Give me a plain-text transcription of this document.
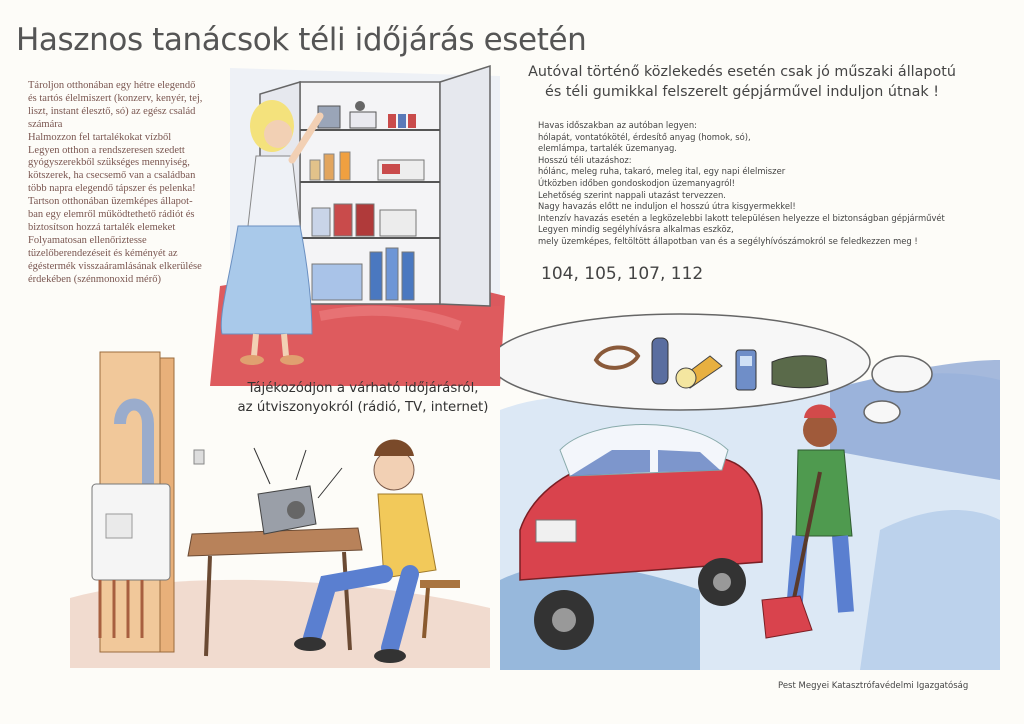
Hasznos tanácsok téli időjárás esetén
Tároljon otthonában egy hétre elegendő
és tartós élelmiszert (konzerv, kenyér, tej,
liszt, instant élesztő, só) az egész család
számára
Halmozzon fel tartalékokat vízből
Legyen otthon a rendszeresen szedett
gyógyszerekből szükséges mennyiség,
kötszerek, ha csecsemő van a családban
több napra elegendő tápszer és pelenka!
Tartson otthonában üzemképes állapot-
ban egy elemről működtethető rádiót és
biztosítson hozzá tartalék elemeket
Folyamatosan ellenőriztesse
tüzelőberendezéseit és kéményét az
égéstermék visszaáramlásának elkerülése
érdekében (szénmonoxid mérő)
Autóval történő közlekedés esetén csak jó műszaki állapotú
és téli gumikkal felszerelt gépjárművel induljon útnak !
Havas időszakban az autóban legyen:
hólapát, vontatókötél, érdesítő anyag (homok, só),
elemlámpa, tartalék üzemanyag.
Hosszú téli utazáshoz:
hólánc, meleg ruha, takaró, meleg ital, egy napi élelmiszer
Útközben időben gondoskodjon üzemanyagról!
Lehetőség szerint nappali utazást tervezzen.
Nagy havazás előtt ne induljon el hosszú útra kisgyermekkel!
Intenzív havazás esetén a legközelebbi lakott településen helyezze el biztonságban gépjárművét
Legyen mindig segélyhívásra alkalmas eszköz,
mely üzemképes, feltöltött állapotban van és a segélyhívószámokról se feledkezzen meg !
104, 105, 107, 112
Tájékozódjon a várható időjárásról,
az útviszonyokról (rádió, TV, internet)
Pest Megyei Katasztrófavédelmi Igazgatóság
